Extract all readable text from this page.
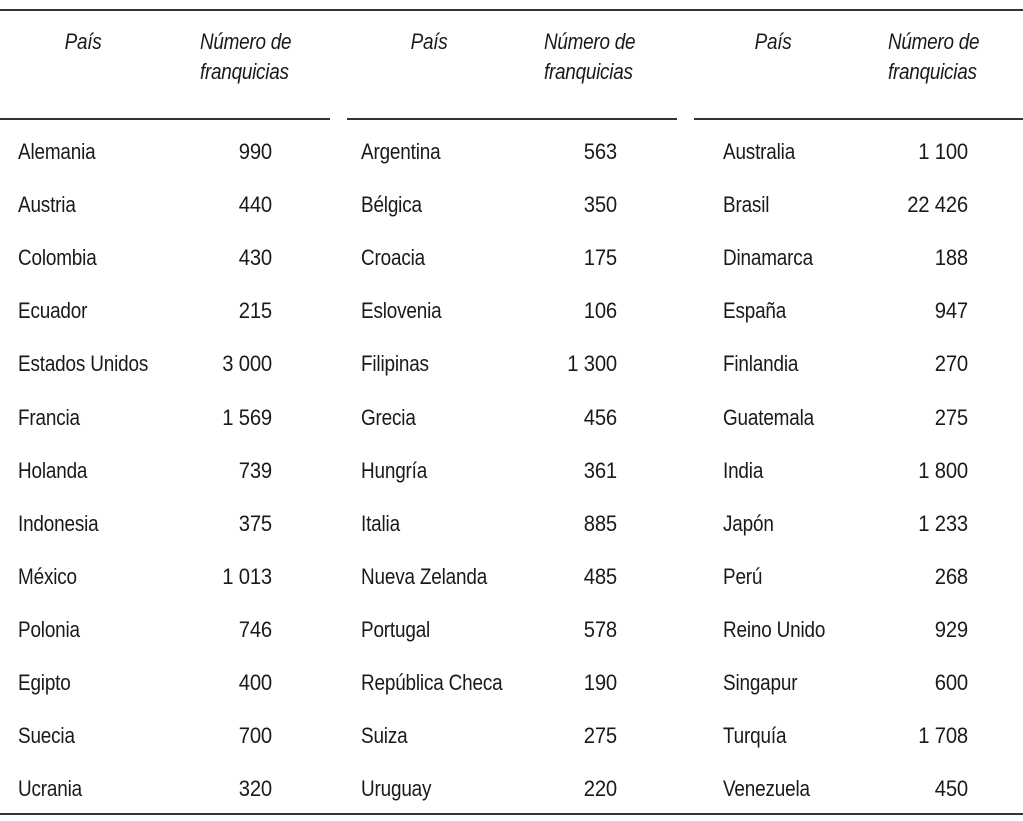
País	Número de
franquicias
Alemania	990
Austria	440
Colombia	430
Ecuador	215
Estados Unidos	3 000
Francia	1 569
Holanda	739
Indonesia	375
México	1 013
Polonia	746
Egipto	400
Suecia	700
Ucrania	320
País	Número de
franquicias
Argentina	563
Bélgica	350
Croacia	175
Eslovenia	106
Filipinas	1 300
Grecia	456
Hungría	361
Italia	885
Nueva Zelanda	485
Portugal	578
República Checa	190
Suiza	275
Uruguay	220
País	Número de
franquicias
Australia	1 100
Brasil	22 426
Dinamarca	188
España	947
Finlandia	270
Guatemala	275
India	1 800
Japón	1 233
Perú	268
Reino Unido	929
Singapur	600
Turquía	1 708
Venezuela	450
